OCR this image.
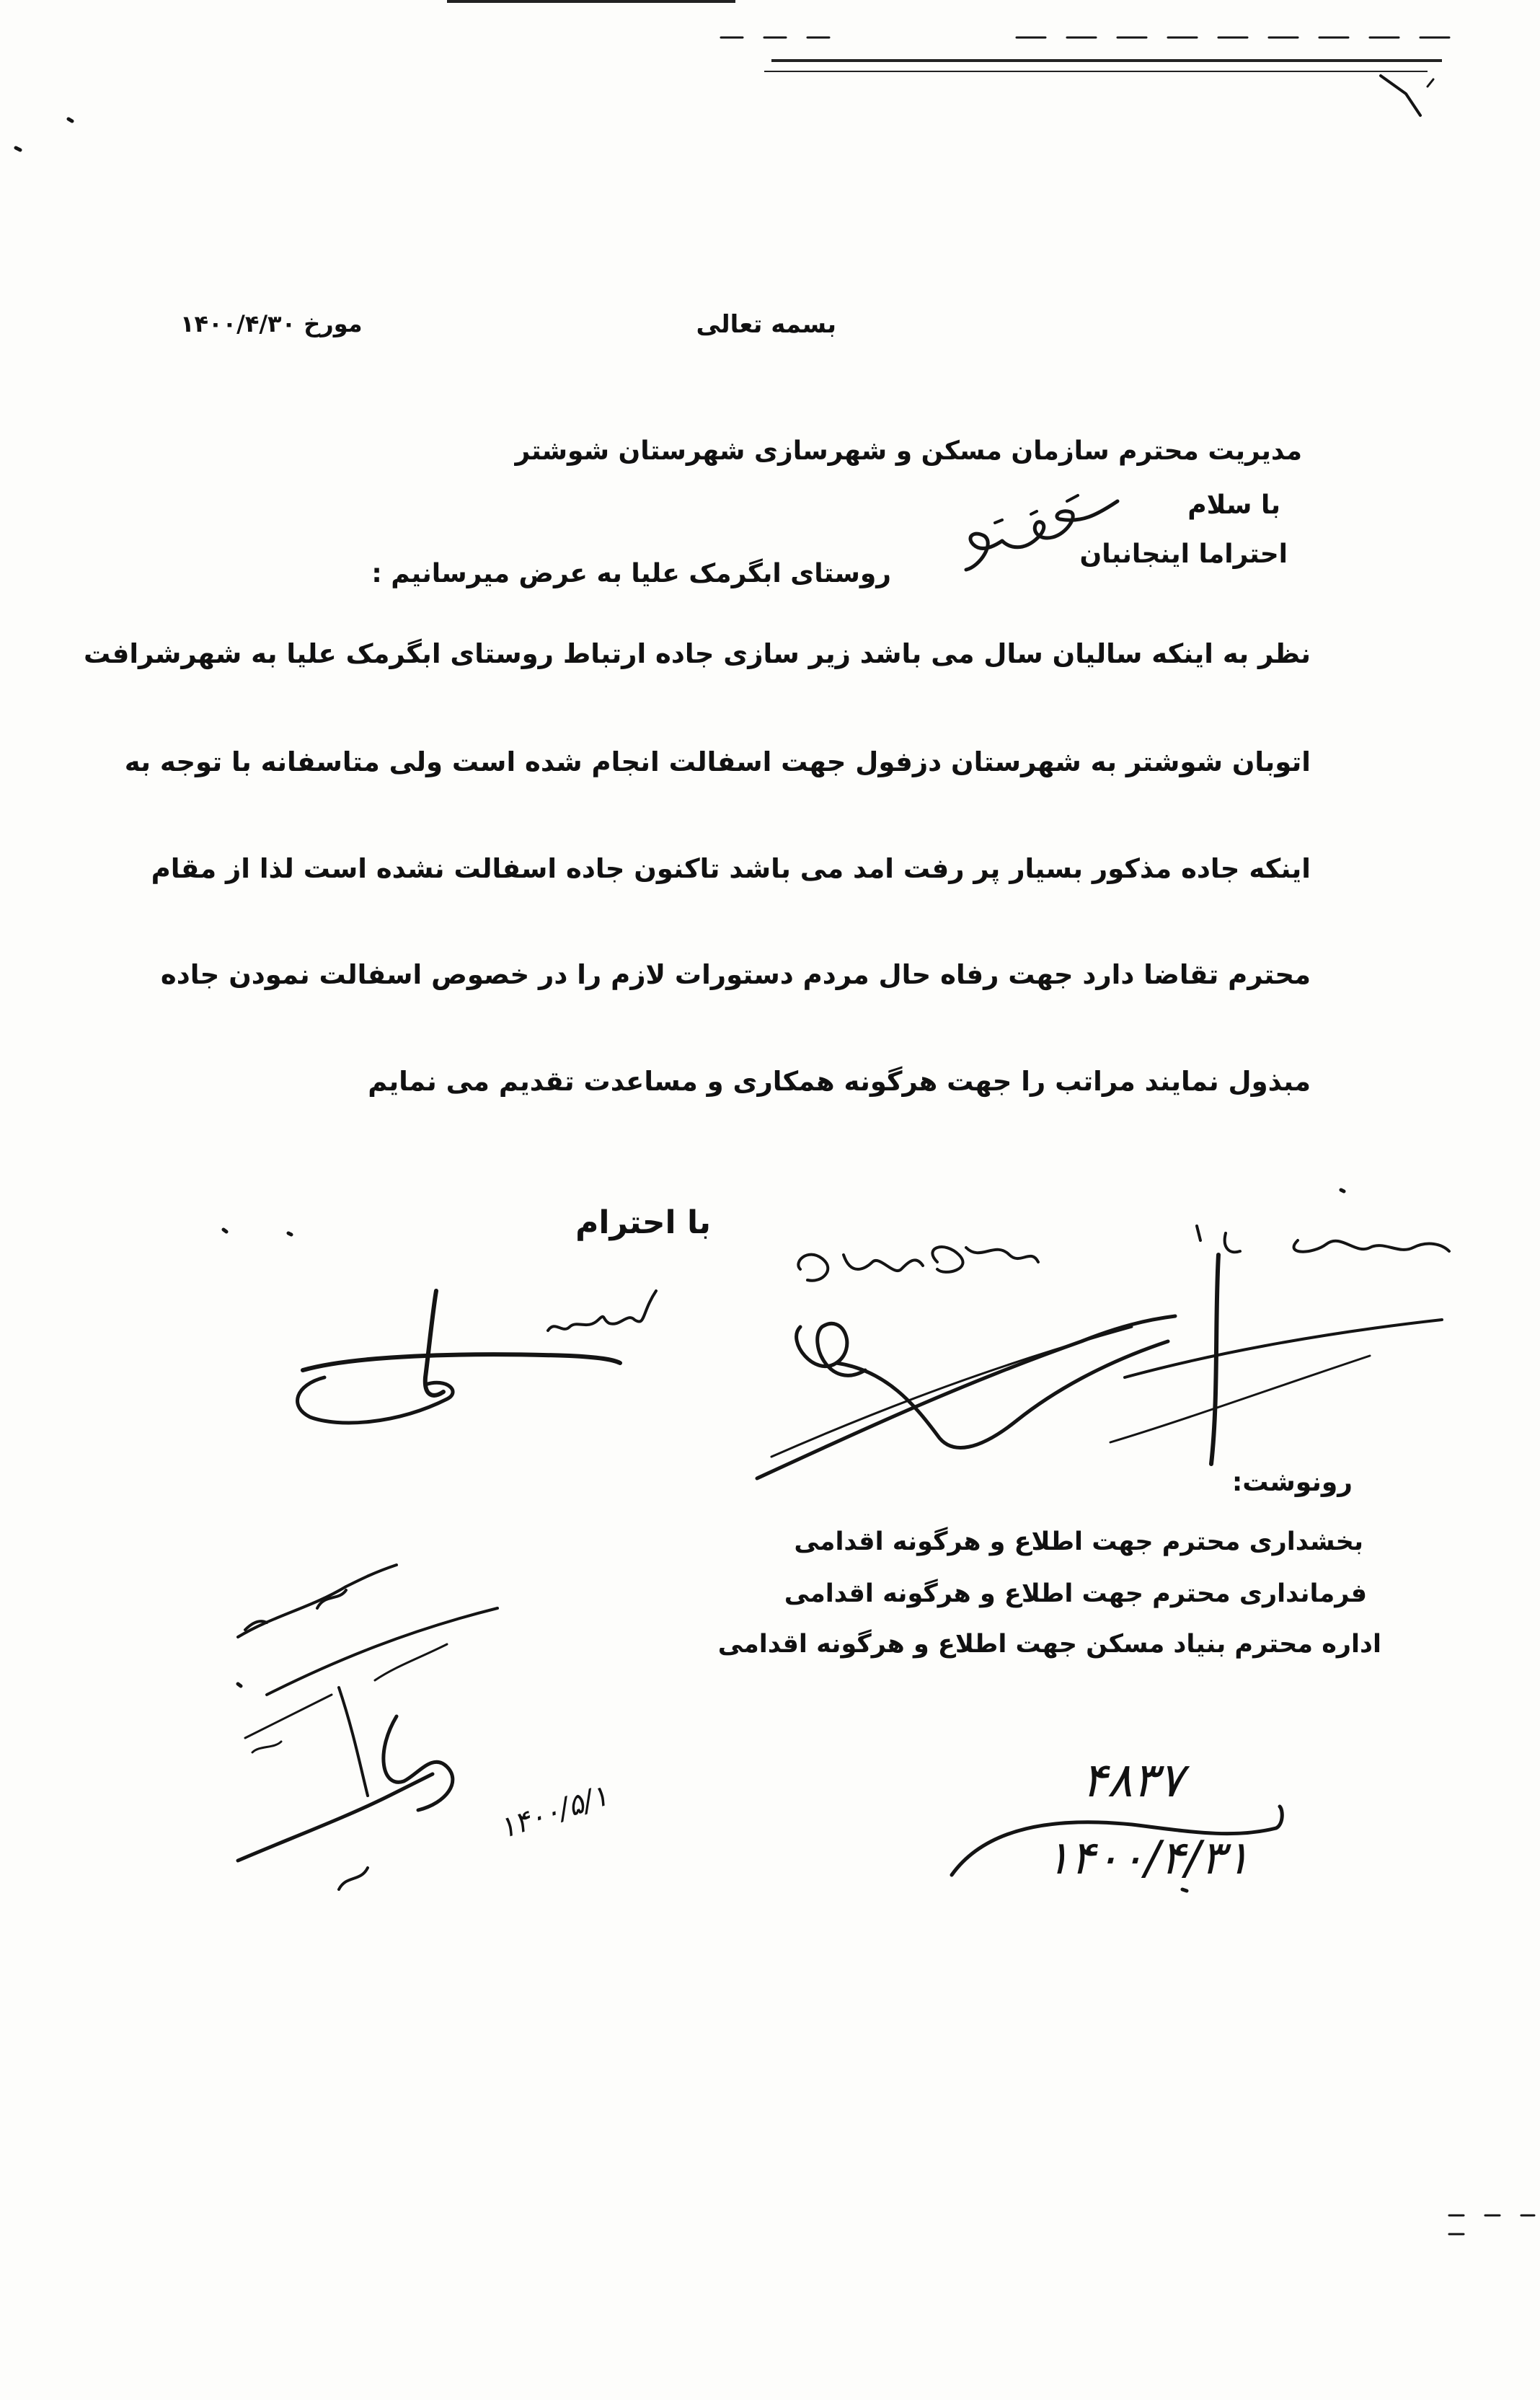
بسمه تعالی
مورخ ۱۴۰۰/۴/۳۰
مدیریت محترم سازمان مسکن و شهرسازی شهرستان شوشتر
با سلام
احتراما اینجانبان
روستای ابگرمک علیا به عرض میرسانیم :
نظر به اینکه سالیان سال می باشد زیر سازی جاده ارتباط روستای ابگرمک علیا به شهرشرافت
اتوبان شوشتر به شهرستان دزفول جهت اسفالت انجام شده است ولی متاسفانه با توجه به
اینکه جاده مذکور بسیار پر رفت امد می باشد تاکنون جاده اسفالت نشده است لذا از مقام
محترم تقاضا دارد جهت رفاه حال مردم دستورات لازم را در خصوص اسفالت نمودن جاده
مبذول نمایند مراتب را جهت هرگونه همکاری و مساعدت تقدیم می نمایم
با احترام
رونوشت:
بخشداری محترم جهت اطلاع و هرگونه اقدامی
فرمانداری محترم جهت اطلاع و هرگونه اقدامی
اداره محترم بنیاد مسکن جهت اطلاع و هرگونه اقدامی
۱۴۰۰/۵/۱	۴۸۳۷
۱۴۰۰/۴/۳۱
